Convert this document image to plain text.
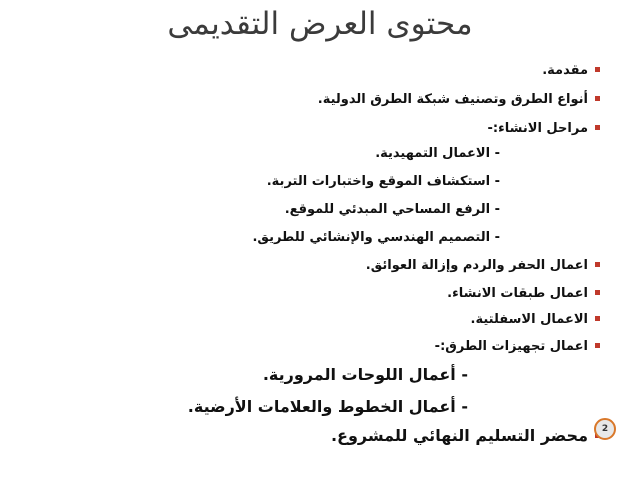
محتوى العرض التقديمى
مقدمة.
أنواع الطرق وتصنيف شبكة الطرق الدولية.
مراحل الانشاء:-
- الاعمال التمهيدية.
- استكشاف الموقع واختبارات التربة.
- الرفع المساحي المبدئي للموقع.
- التصميم الهندسي والإنشائي للطريق.
اعمال الحفر والردم وإزالة العوائق.
اعمال طبقات الانشاء.
الاعمال الاسفلتية.
اعمال تجهيزات الطرق:-
- أعمال اللوحات المرورية.
- أعمال الخطوط والعلامات الأرضية.
محضر التسليم النهائي للمشروع.	2
